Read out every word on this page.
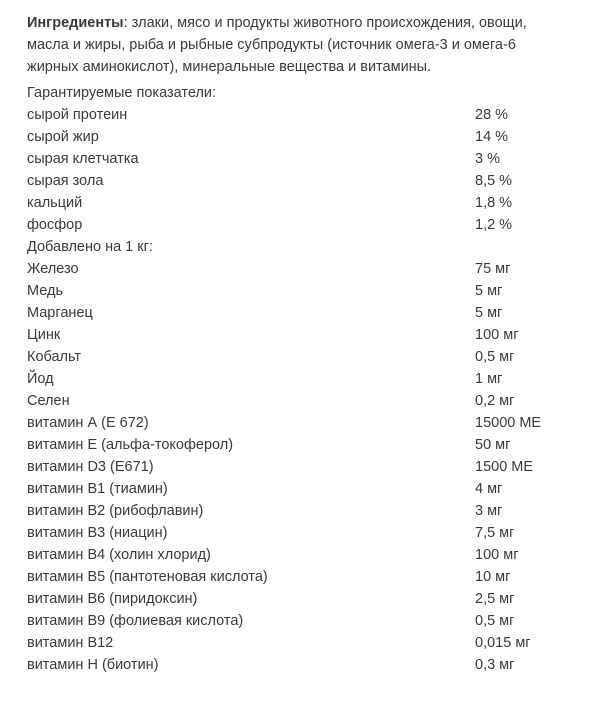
Ингредиенты: злаки, мясо и продукты животного происхождения, овощи,
масла и жиры, рыба и рыбные субпродукты (источник омега-3 и омега-6
жирных аминокислот), минеральные вещества и витамины.
Гарантируемые показатели:
сырой протеин	28 %
сырой жир	14 %
сырая клетчатка	3 %
сырая зола	8,5 %
кальций	1,8 %
фосфор	1,2 %
Добавлено на 1 кг:
Железо	75 мг
Медь	5 мг
Марганец	5 мг
Цинк	100 мг
Кобальт	0,5 мг
Йод	1 мг
Селен	0,2 мг
витамин А (Е 672)	15000 МЕ
витамин Е (альфа-токоферол)	50 мг
витамин D3 (Е671)	1500 МЕ
витамин В1 (тиамин)	4 мг
витамин В2 (рибофлавин)	3 мг
витамин В3 (ниацин)	7,5 мг
витамин В4 (холин хлорид)	100 мг
витамин В5 (пантотеновая кислота)	10 мг
витамин В6 (пиридоксин)	2,5 мг
витамин В9 (фолиевая кислота)	0,5 мг
витамин В12	0,015 мг
витамин Н (биотин)	0,3 мг
